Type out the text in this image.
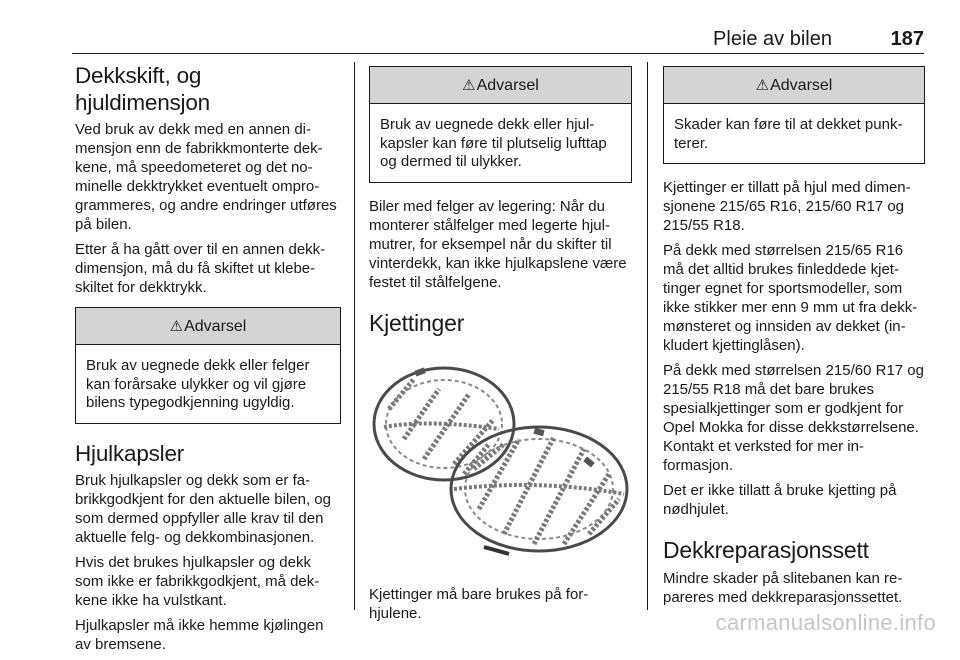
Pleie av bilen	187
Dekkskift, og hjuldimensjon

Ved bruk av dekk med en annen dimensjon enn de fabrikkmonterte dekkene, må speedometeret og det nominelle dekktrykket eventuelt omprogrammeres, og andre endringer utføres på bilen.

Etter å ha gått over til en annen dekkdimensjon, må du få skiftet ut klebeskiltet for dekktrykk.

⚠Advarsel
Bruk av uegnede dekk eller felger kan forårsake ulykker og vil gjøre bilens typegodkjenning ugyldig.
Hjulkapsler

Bruk hjulkapsler og dekk som er fabrikkgodkjent for den aktuelle bilen, og som dermed oppfyller alle krav til den aktuelle felg- og dekkombinasjonen.

Hvis det brukes hjulkapsler og dekk som ikke er fabrikkgodkjent, må dekkene ikke ha vulstkant.

Hjulkapsler må ikke hemme kjølingen av bremsene.

⚠Advarsel
Bruk av uegnede dekk eller hjulkapsler kan føre til plutselig lufttap og dermed til ulykker.

Biler med felger av legering: Når du monterer stålfelger med legerte hjulmutrer, for eksempel når du skifter til vinterdekk, kan ikke hjulkapslene være festet til stålfelgene.

Kjettinger

Kjettinger må bare brukes på forhjulene.

⚠Advarsel
Skader kan føre til at dekket punkterer.

Kjettinger er tillatt på hjul med dimensjonene 215/65 R16, 215/60 R17 og 215/55 R18.

På dekk med størrelsen 215/65 R16 må det alltid brukes finleddede kjettinger egnet for sportsmodeller, som ikke stikker mer enn 9 mm ut fra dekkmønsteret og innsiden av dekket (inkludert kjettinglåsen).

På dekk med størrelsen 215/60 R17 og 215/55 R18 må det bare brukes spesialkjettinger som er godkjent for Opel Mokka for disse dekkstørrelsene. Kontakt et verksted for mer informasjon.

Det er ikke tillatt å bruke kjetting på nødhjulet.

Dekkreparasjonssett

Mindre skader på slitebanen kan repareres med dekkreparasjonssettet.

carmanualsonline.info
